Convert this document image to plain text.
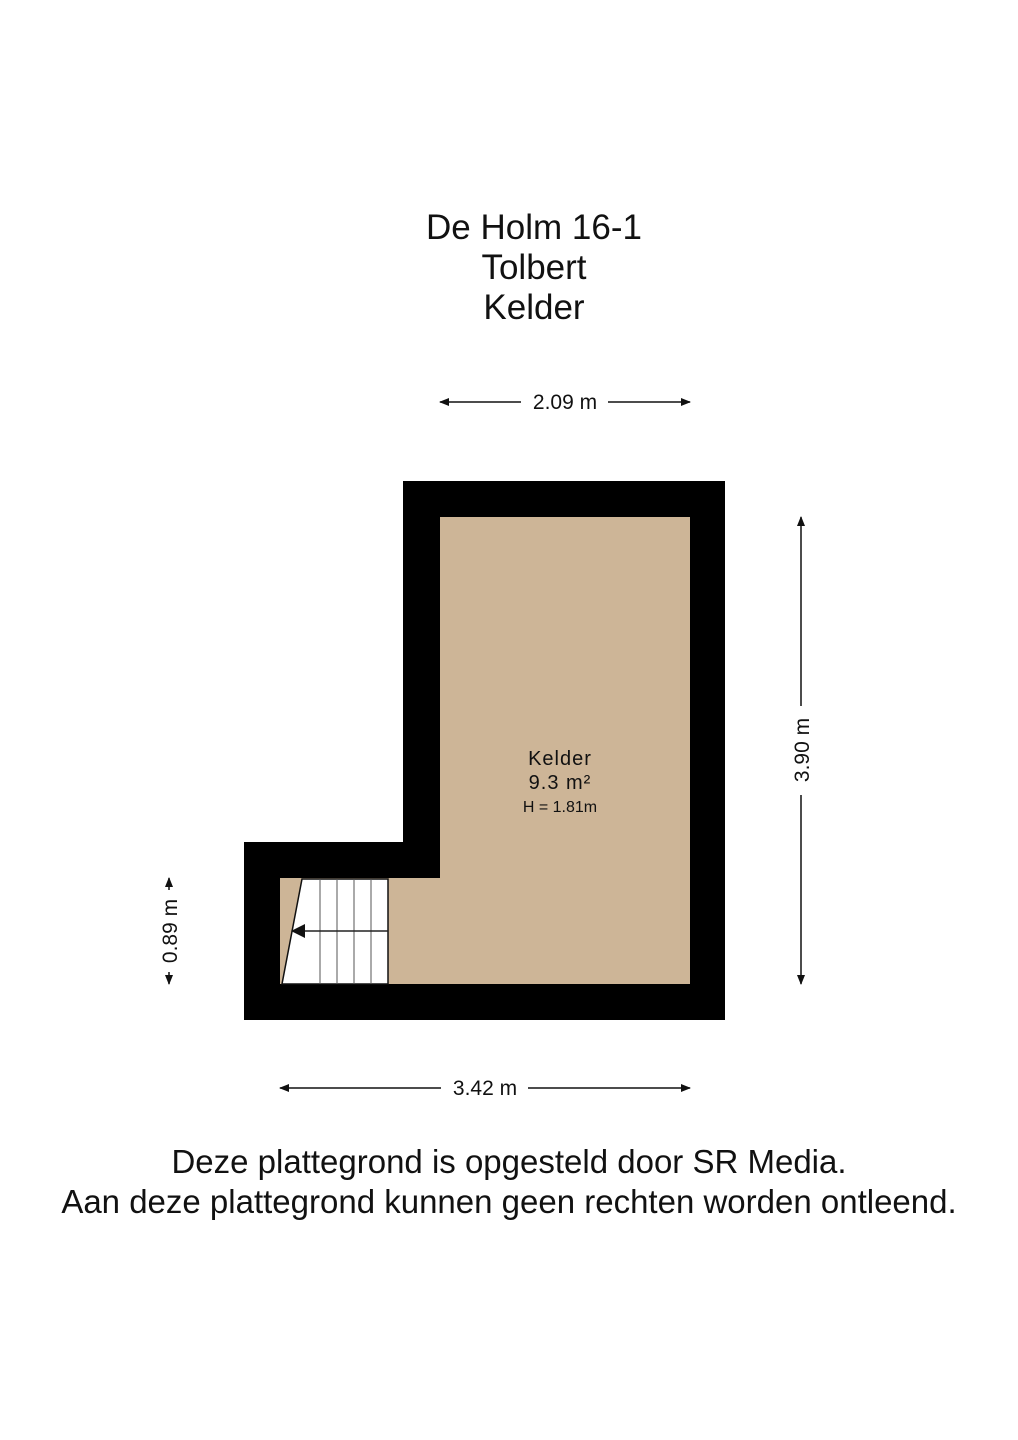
De Holm 16-1
Tolbert
Kelder
2.09 m
3.90 m
0.89 m
3.42 m
Kelder
9.3 m²
H = 1.81m
Deze plattegrond is opgesteld door SR Media.
Aan deze plattegrond kunnen geen rechten worden ontleend.
